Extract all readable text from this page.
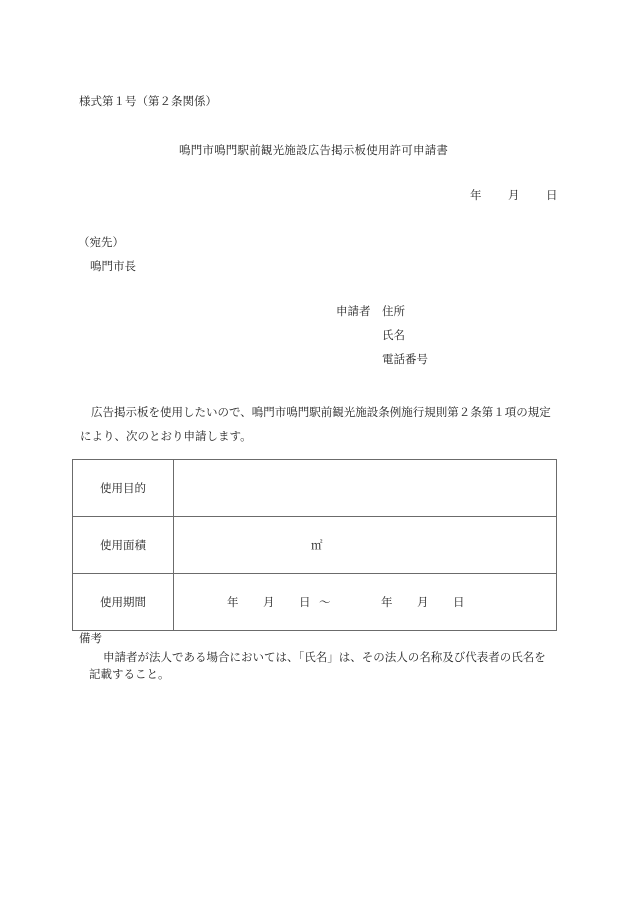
様式第１号（第２条関係）
鳴門市鳴門駅前観光施設広告掲示板使用許可申請書
年 月 日
（宛先）
鳴門市長
申請者 住所
氏名
電話番号
広告掲示板を使用したいので、鳴門市鳴門駅前観光施設条例施行規則第２条第１項の規定
により、次のとおり申請します。
使用目的	
使用面積	㎡

使用期間	年 月 日 ～ 年 月 日
備考
申請者が法人である場合においては、「氏名」は、その法人の名称及び代表者の氏名を
記載すること。
